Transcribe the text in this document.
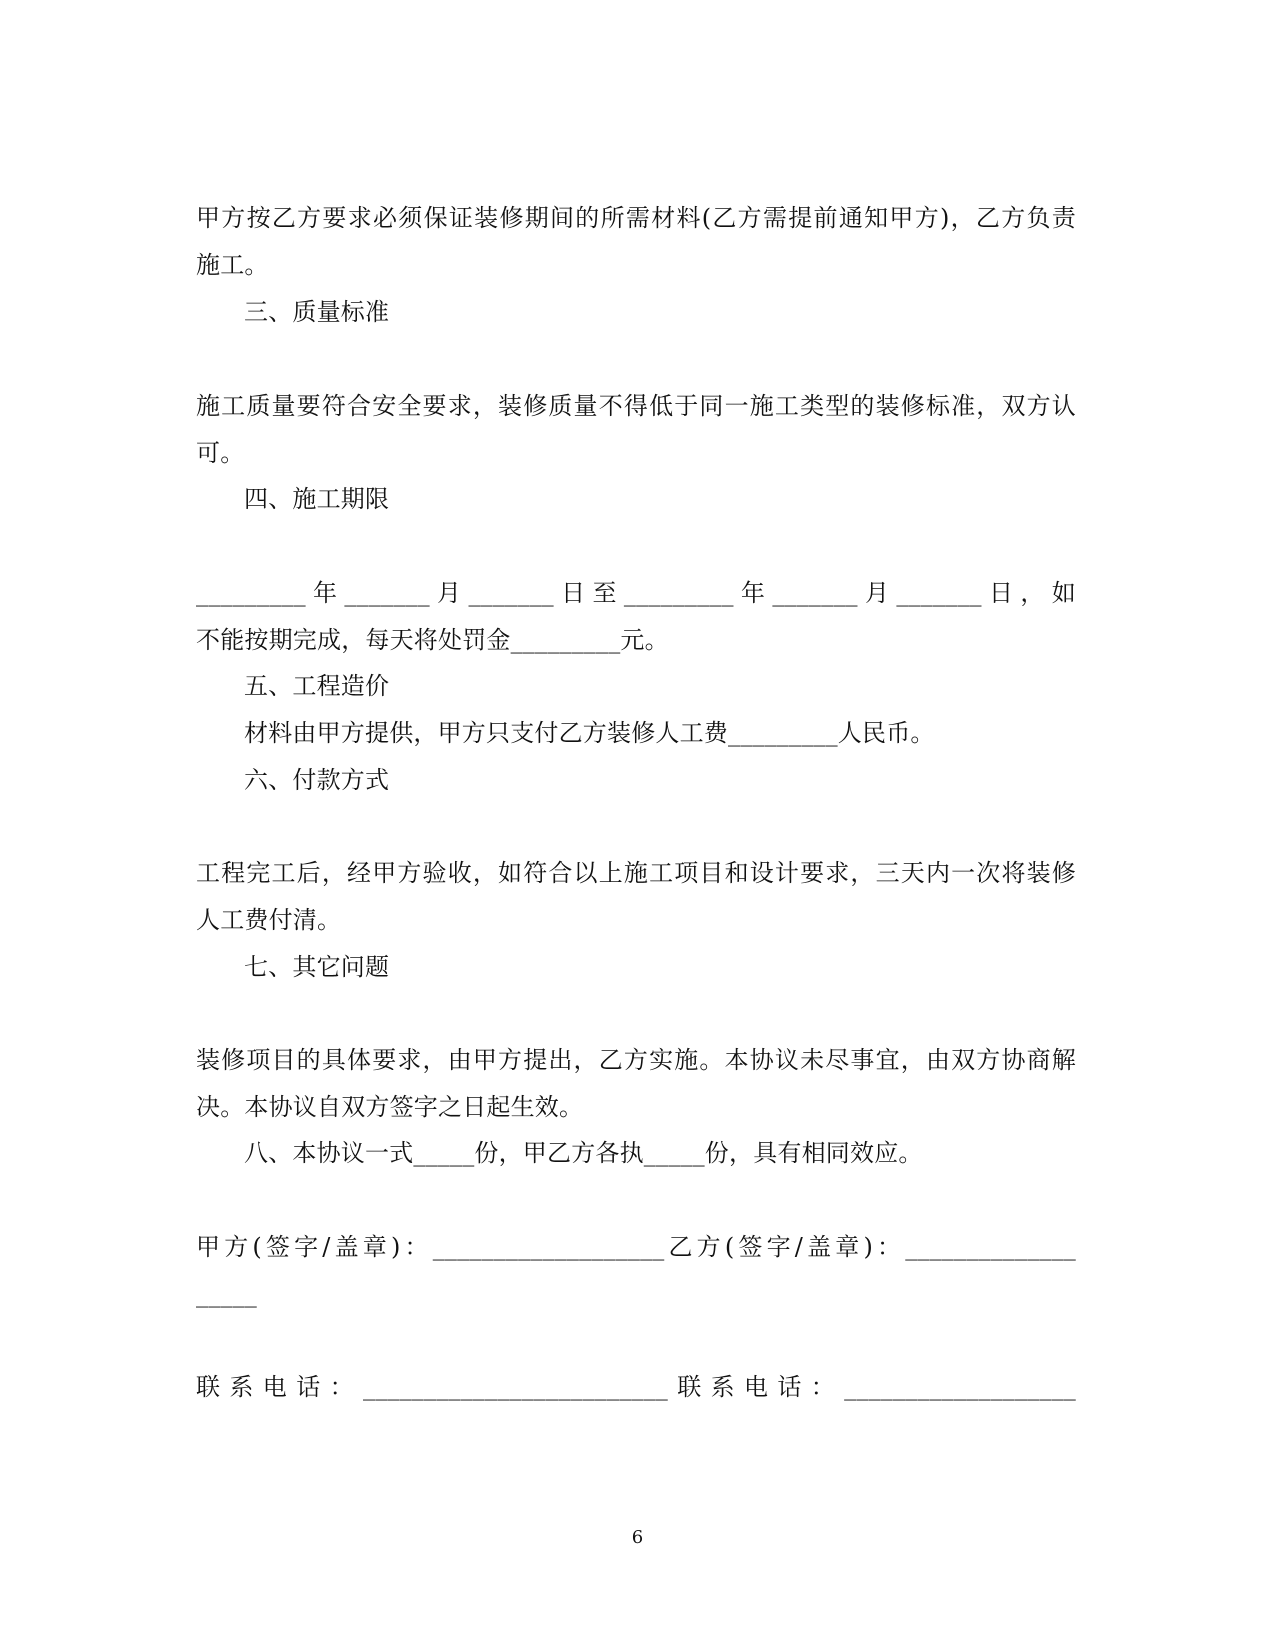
甲方按乙方要求必须保证装修期间的所需材料(乙方需提前通知甲方)，乙方负责
施工。
三、质量标准
施工质量要符合安全要求，装修质量不得低于同一施工类型的装修标准，双方认
可。
四、施工期限
_________年_______月_______日至_________年_______月_______日，如
不能按期完成，每天将处罚金_________元。
五、工程造价
材料由甲方提供，甲方只支付乙方装修人工费_________人民币。
六、付款方式
工程完工后，经甲方验收，如符合以上施工项目和设计要求，三天内一次将装修
人工费付清。
七、其它问题
装修项目的具体要求，由甲方提出，乙方实施。本协议未尽事宜，由双方协商解
决。本协议自双方签字之日起生效。
八、本协议一式_____份，甲乙方各执_____份，具有相同效应。
甲方(签字/盖章)：___________________乙方(签字/盖章)：______________
_____
联系电话：_________________________联系电话：___________________
6
